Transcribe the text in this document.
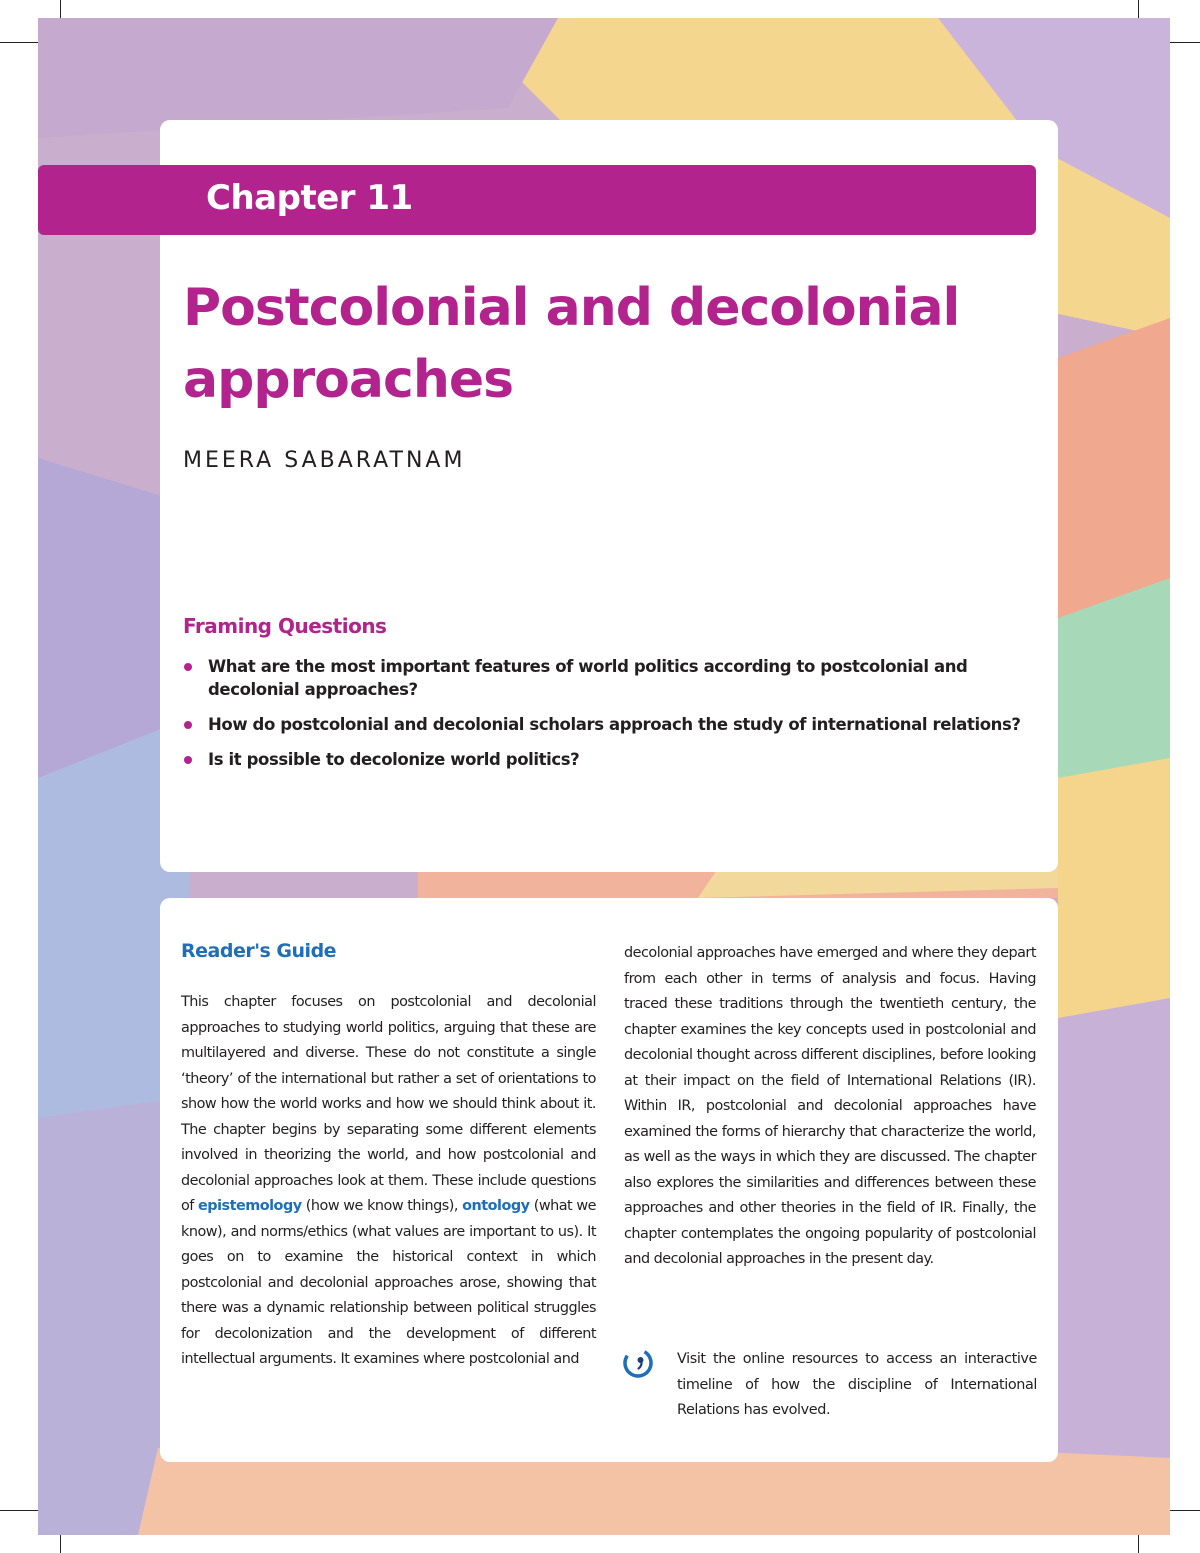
Chapter 11
Postcolonial and decolonial
approaches
MEERA SABARATNAM
Framing Questions
What are the most important features of world politics according to postcolonial and decolonial approaches?
How do postcolonial and decolonial scholars approach the study of international relations?
Is it possible to decolonize world politics?
Reader's Guide
This chapter focuses on postcolonial and decolonial approaches to studying world politics, arguing that these are multilayered and diverse. These do not constitute a single ‘theory’ of the international but rather a set of orientations to show how the world works and how we should think about it. The chapter begins by separating some different elements involved in theorizing the world, and how postcolonial and decolonial approaches look at them. These include questions of epistemology (how we know things), ontology (what we know), and norms/ethics (what values are important to us). It goes on to examine the historical context in which postcolonial and decolonial approaches arose, showing that there was a dynamic relationship between political struggles for decolonization and the development of different intellectual arguments. It examines where postcolonial and
decolonial approaches have emerged and where they depart from each other in terms of analysis and focus. Having traced these traditions through the twentieth century, the chapter examines the key concepts used in postcolonial and decolonial thought across different disciplines, before looking at their impact on the field of International Relations (IR). Within IR, postcolonial and decolonial approaches have examined the forms of hierarchy that characterize the world, as well as the ways in which they are discussed. The chapter also explores the similarities and differences between these approaches and other theories in the field of IR. Finally, the chapter contemplates the ongoing popularity of postcolonial and decolonial approaches in the present day.
Visit the online resources to access an interactive timeline of how the discipline of International Relations has evolved.
